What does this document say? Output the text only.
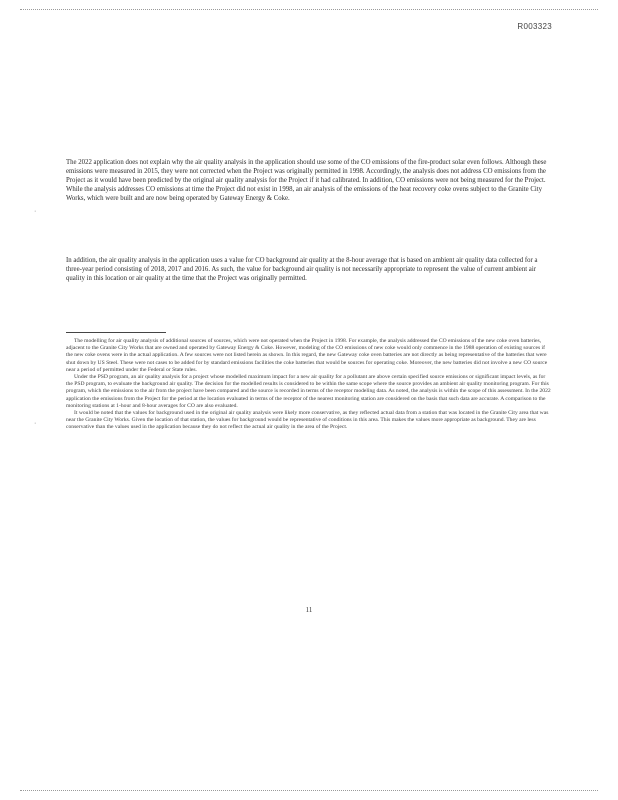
R003323
The 2022 application does not explain why the air quality analysis in the application should use some of the CO emissions of the fire-product solar even follows. Although these emissions were measured in 2015, they were not corrected when the Project was originally permitted in 1998. Accordingly, the analysis does not address CO emissions from the Project as it would have been predicted by the original air quality analysis for the Project if it had calibrated. In addition, CO emissions were not being measured for the Project. While the analysis addresses CO emissions at time the Project did not exist in 1998, an air analysis of the emissions of the heat recovery coke ovens subject to the Granite City Works, which were built and are now being operated by Gateway Energy & Coke.
·
In addition, the air quality analysis in the application uses a value for CO background air quality at the 8-hour average that is based on ambient air quality data collected for a three-year period consisting of 2018, 2017 and 2016. As such, the value for background air quality is not necessarily appropriate to represent the value of current ambient air quality in this location or air quality at the time that the Project was originally permitted.

The modelling for air quality analysis of additional sources of sources, which were not operated when the Project in 1998. For example, the analysis addressed the CO emissions of the new coke oven batteries, adjacent to the Granite City Works that are owned and operated by Gateway Energy & Coke. However, modeling of the CO emissions of new coke would only commence in the 1988 operation of existing sources if the new coke ovens were in the actual application. A few sources were not listed herein as shown. In this regard, the new Gateway coke oven batteries are not directly as being representative of the batteries that were shut down by US Steel. These were not cases to be added for by standard emissions facilities the coke batteries that would be sources for operating coke. Moreover, the new batteries did not involve a new CO source near a period of permitted under the Federal or State rules.

Under the PSD program, an air quality analysis for a project whose modelled maximum impact for a new air quality for a pollutant are above certain specified source emissions or significant impact levels, as for the PSD program, to evaluate the background air quality. The decision for the modelled results is considered to be within the same scope where the source provides an ambient air quality monitoring program. For this program, which the emissions to the air from the project have been compared and the source is recorded in terms of the receptor modeling data. As noted, the analysis is within the scope of this assessment. In the 2022 application the emissions from the Project for the period at the location evaluated in terms of the receptor of the nearest monitoring station are considered on the basis that such data are accurate. A comparison to the monitoring stations at 1-hour and 8-hour averages for CO are also evaluated.

It would be noted that the values for background used in the original air quality analysis were likely more conservative, as they reflected actual data from a station that was located in the Granite City area that was near the Granite City Works. Given the location of that station, the values for background would be representative of conditions in this area. This makes the values more appropriate as background. They are less conservative than the values used in the application because they do not reflect the actual air quality in the area of the Project.

·
11
